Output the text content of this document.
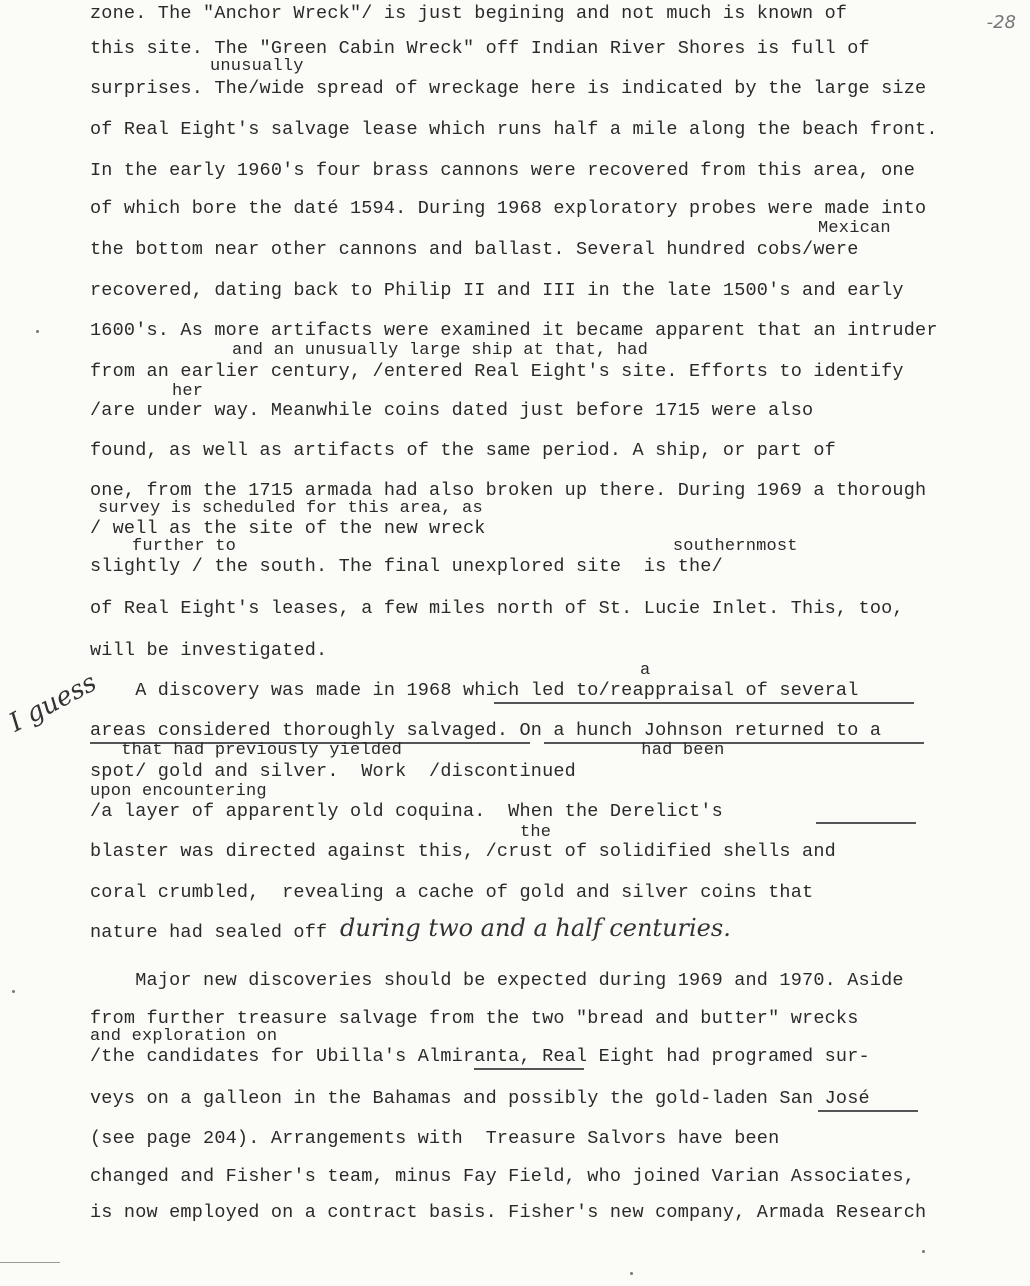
-28
I guess
zone. The "Anchor Wreck"/ is just begining and not much is known of
this site. The "Green Cabin Wreck" off Indian River Shores is full of
unusually
surprises. The/wide spread of wreckage here is indicated by the large size
of Real Eight's salvage lease which runs half a mile along the beach front.
In the early 1960's four brass cannons were recovered from this area, one
of which bore the daté 1594. During 1968 exploratory probes were made into
Mexican
the bottom near other cannons and ballast. Several hundred cobs/were
recovered, dating back to Philip II and III in the late 1500's and early
1600's. As more artifacts were examined it became apparent that an intruder
and an unusually large ship at that, had
from an earlier century, /entered Real Eight's site. Efforts to identify
her
/are under way. Meanwhile coins dated just before 1715 were also
found, as well as artifacts of the same period. A ship, or part of
one, from the 1715 armada had also broken up there. During 1969 a thorough
survey is scheduled for this area, as
/ well as the site of the new wreck
further to                                          southernmost
slightly / the south. The final unexplored site  is the/
of Real Eight's leases, a few miles north of St. Lucie Inlet. This, too,
will be investigated.
a
A discovery was made in 1968 which led to/reappraisal of several
areas considered thoroughly salvaged. On a hunch Johnson returned to a
that had previously yielded                       had been
spot/ gold and silver.  Work  /discontinued
upon encountering
/a layer of apparently old coquina.  When the Derelict's
the
blaster was directed against this, /crust of solidified shells and
coral crumbled,  revealing a cache of gold and silver coins that
nature had sealed off during two and a half centuries.
Major new discoveries should be expected during 1969 and 1970. Aside
from further treasure salvage from the two "bread and butter" wrecks
and exploration on
/the candidates for Ubilla's Almiranta, Real Eight had programed sur-
veys on a galleon in the Bahamas and possibly the gold-laden San José
(see page 204). Arrangements with  Treasure Salvors have been
changed and Fisher's team, minus Fay Field, who joined Varian Associates,
is now employed on a contract basis. Fisher's new company, Armada Research
